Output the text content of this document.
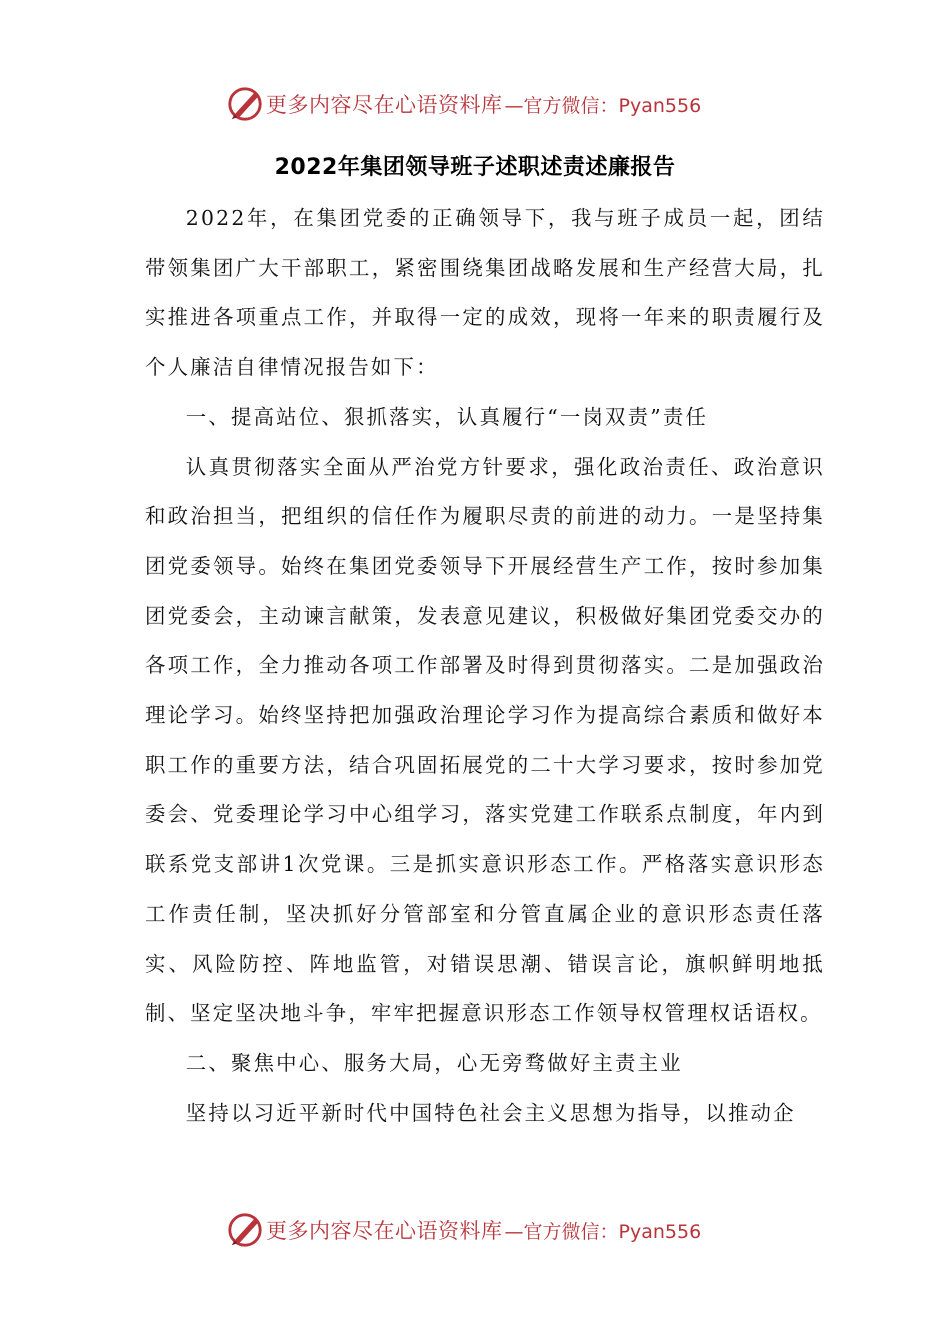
更多内容尽在心语资料库 —官方微信：Pyan556
2022年集团领导班子述职述责述廉报告

2022年，在集团党委的正确领导下，我与班子成员一起，团结带领集团广大干部职工，紧密围绕集团战略发展和生产经营大局，扎实推进各项重点工作，并取得一定的成效，现将一年来的职责履行及个人廉洁自律情况报告如下：

一、提高站位、狠抓落实，认真履行“一岗双责”责任

认真贯彻落实全面从严治党方针要求，强化政治责任、政治意识和政治担当，把组织的信任作为履职尽责的前进的动力。一是坚持集团党委领导。始终在集团党委领导下开展经营生产工作，按时参加集团党委会，主动谏言献策，发表意见建议，积极做好集团党委交办的各项工作，全力推动各项工作部署及时得到贯彻落实。二是加强政治理论学习。始终坚持把加强政治理论学习作为提高综合素质和做好本职工作的重要方法，结合巩固拓展党的二十大学习要求，按时参加党委会、党委理论学习中心组学习，落实党建工作联系点制度，年内到联系党支部讲1次党课。三是抓实意识形态工作。严格落实意识形态工作责任制，坚决抓好分管部室和分管直属企业的意识形态责任落实、风险防控、阵地监管，对错误思潮、错误言论，旗帜鲜明地抵制、坚定坚决地斗争，牢牢把握意识形态工作领导权管理权话语权。

二、聚焦中心、服务大局，心无旁骛做好主责主业

坚持以习近平新时代中国特色社会主义思想为指导，以推动企

更多内容尽在心语资料库 —官方微信：Pyan556
